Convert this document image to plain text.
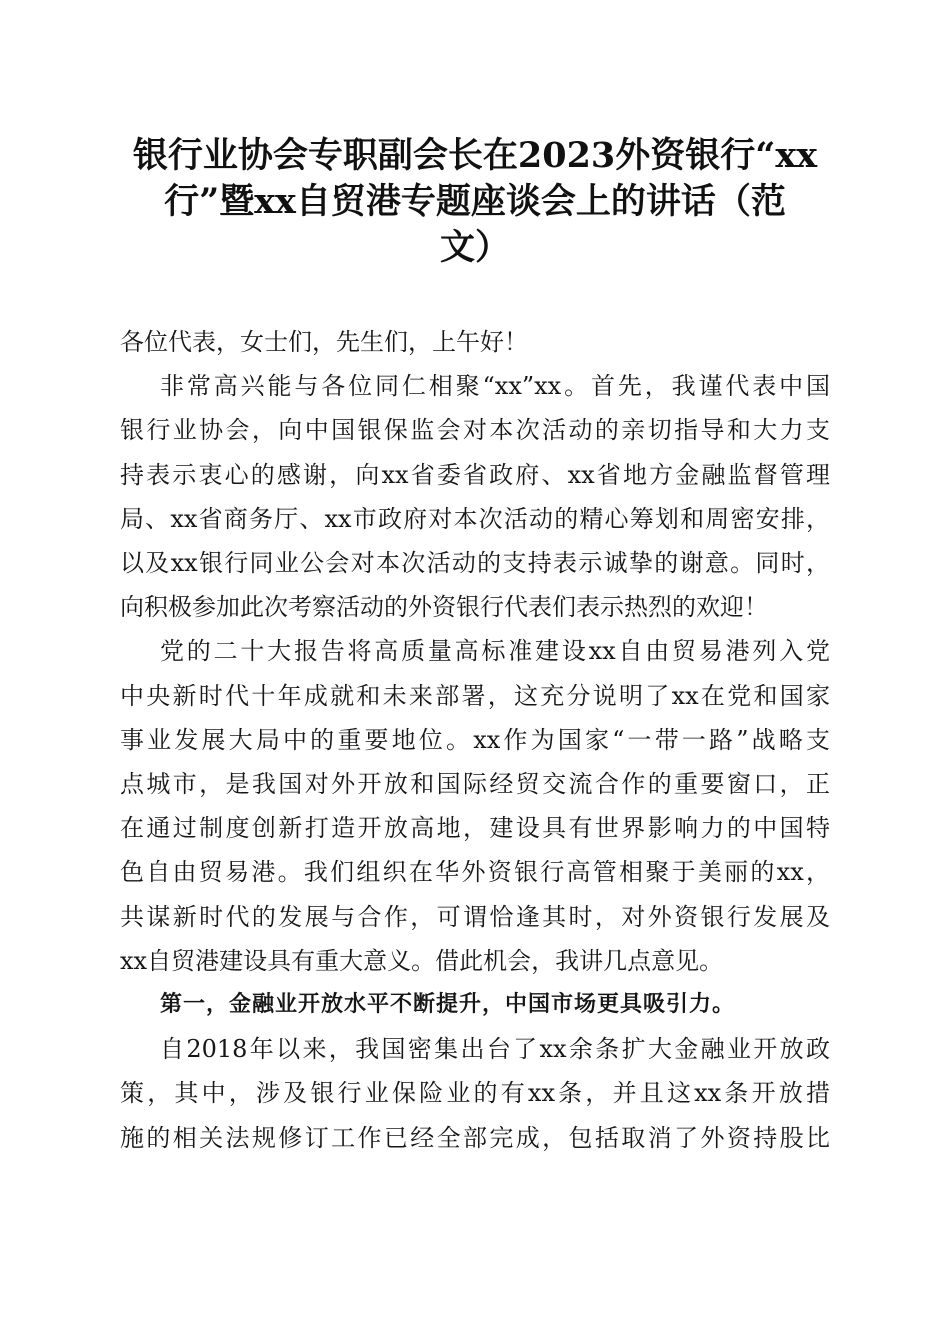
银行业协会专职副会长在2023外资银行“xx
行”暨xx自贸港专题座谈会上的讲话（范
文）
各位代表，女士们，先生们，上午好！
非常高兴能与各位同仁相聚“xx”xx。首先，我谨代表中国
银行业协会，向中国银保监会对本次活动的亲切指导和大力支
持表示衷心的感谢，向xx省委省政府、xx省地方金融监督管理
局、xx省商务厅、xx市政府对本次活动的精心筹划和周密安排，
以及xx银行同业公会对本次活动的支持表示诚挚的谢意。同时，
向积极参加此次考察活动的外资银行代表们表示热烈的欢迎！
党的二十大报告将高质量高标准建设xx自由贸易港列入党
中央新时代十年成就和未来部署，这充分说明了xx在党和国家
事业发展大局中的重要地位。xx作为国家“一带一路”战略支
点城市，是我国对外开放和国际经贸交流合作的重要窗口，正
在通过制度创新打造开放高地，建设具有世界影响力的中国特
色自由贸易港。我们组织在华外资银行高管相聚于美丽的xx，
共谋新时代的发展与合作，可谓恰逢其时，对外资银行发展及
xx自贸港建设具有重大意义。借此机会，我讲几点意见。
第一，金融业开放水平不断提升，中国市场更具吸引力。
自2018年以来，我国密集出台了xx余条扩大金融业开放政
策，其中，涉及银行业保险业的有xx条，并且这xx条开放措
施的相关法规修订工作已经全部完成，包括取消了外资持股比
